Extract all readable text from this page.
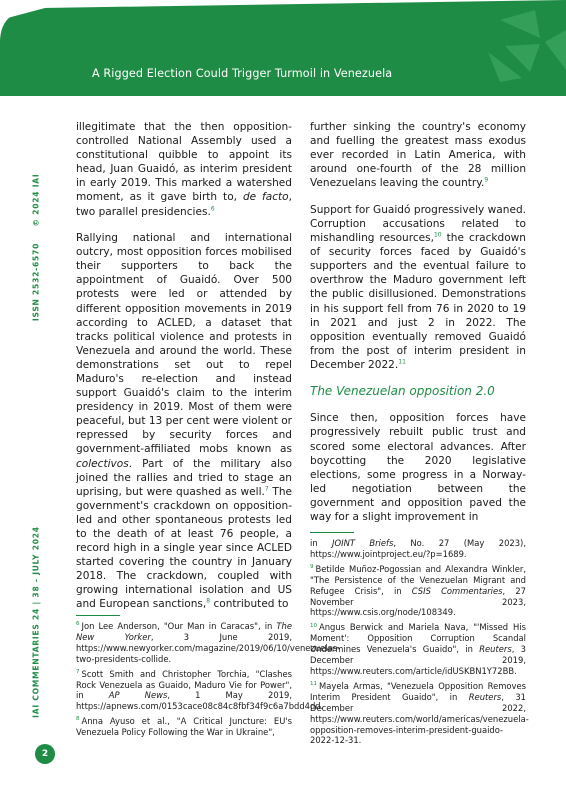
A Rigged Election Could Trigger Turmoil in Venezuela
© 2024 IAI
ISSN 2532-6570
IAI COMMENTARIES 24 | 38 - JULY 2024

illegitimate that the then opposition-controlled National Assembly used a constitutional quibble to appoint its head, Juan Guaidó, as interim president in early 2019. This marked a watershed moment, as it gave birth to, de facto, two parallel presidencies.$^6$

Rallying national and international outcry, most opposition forces mobilised their supporters to back the appointment of Guaidó. Over 500 protests were led or attended by different opposition movements in 2019 according to ACLED, a dataset that tracks political violence and protests in Venezuela and around the world. These demonstrations set out to repel Maduro's re-election and instead support Guaidó's claim to the interim presidency in 2019. Most of them were peaceful, but 13 per cent were violent or repressed by security forces and government-affiliated mobs known as colectivos. Part of the military also joined the rallies and tried to stage an uprising, but were quashed as well.$^7$ The government's crackdown on opposition-led and other spontaneous protests led to the death of at least 76 people, a record high in a single year since ACLED started covering the country in January 2018. The crackdown, coupled with growing international isolation and US and European sanctions,$^8$ contributed to

further sinking the country's economy and fuelling the greatest mass exodus ever recorded in Latin America, with around one-fourth of the 28 million Venezuelans leaving the country.$^9$

Support for Guaidó progressively waned. Corruption accusations related to mishandling resources,$^{10}$ the crackdown of security forces faced by Guaidó's supporters and the eventual failure to overthrow the Maduro government left the public disillusioned. Demonstrations in his support fell from 76 in 2020 to 19 in 2021 and just 2 in 2022. The opposition eventually removed Guaidó from the post of interim president in December 2022.11

The Venezuelan opposition 2.0

Since then, opposition forces have progressively rebuilt public trust and scored some electoral advances. After boycotting the 2020 legislative elections, some progress in a Norway-led negotiation between the government and opposition paved the way for a slight improvement in

$^6$ Jon Lee Anderson, "Our Man in Caracas", in The New Yorker, 3 June 2019, https://www.newyorker.com/magazine/2019/06/10/venezuelas-two-presidents-collide.

$^7$ Scott Smith and Christopher Torchia, "Clashes Rock Venezuela as Guaido, Maduro Vie for Power", in AP News, 1 May 2019, https://apnews.com/0153cace08c84c8fbf34f9c6a7bdd4dd.

$^8$ Anna Ayuso et al., "A Critical Juncture: EU's Venezuela Policy Following the War in Ukraine",

in JOINT Briefs, No. 27 (May 2023), https://www.jointproject.eu/?p=1689.

$^9$ Betilde Muñoz-Pogossian and Alexandra Winkler, "The Persistence of the Venezuelan Migrant and Refugee Crisis", in CSIS Commentaries, 27 November 2023, https://www.csis.org/node/108349.

$^{10}$ Angus Berwick and Mariela Nava, "'Missed His Moment': Opposition Corruption Scandal Undermines Venezuela's Guaido", in Reuters, 3 December 2019, https://www.reuters.com/article/idUSKBN1Y72BB.

$^{11}$ Mayela Armas, "Venezuela Opposition Removes Interim President Guaido", in Reuters, 31 December 2022, https://www.reuters.com/world/americas/venezuela-opposition-removes-interim-president-guaido-2022-12-31.

2
